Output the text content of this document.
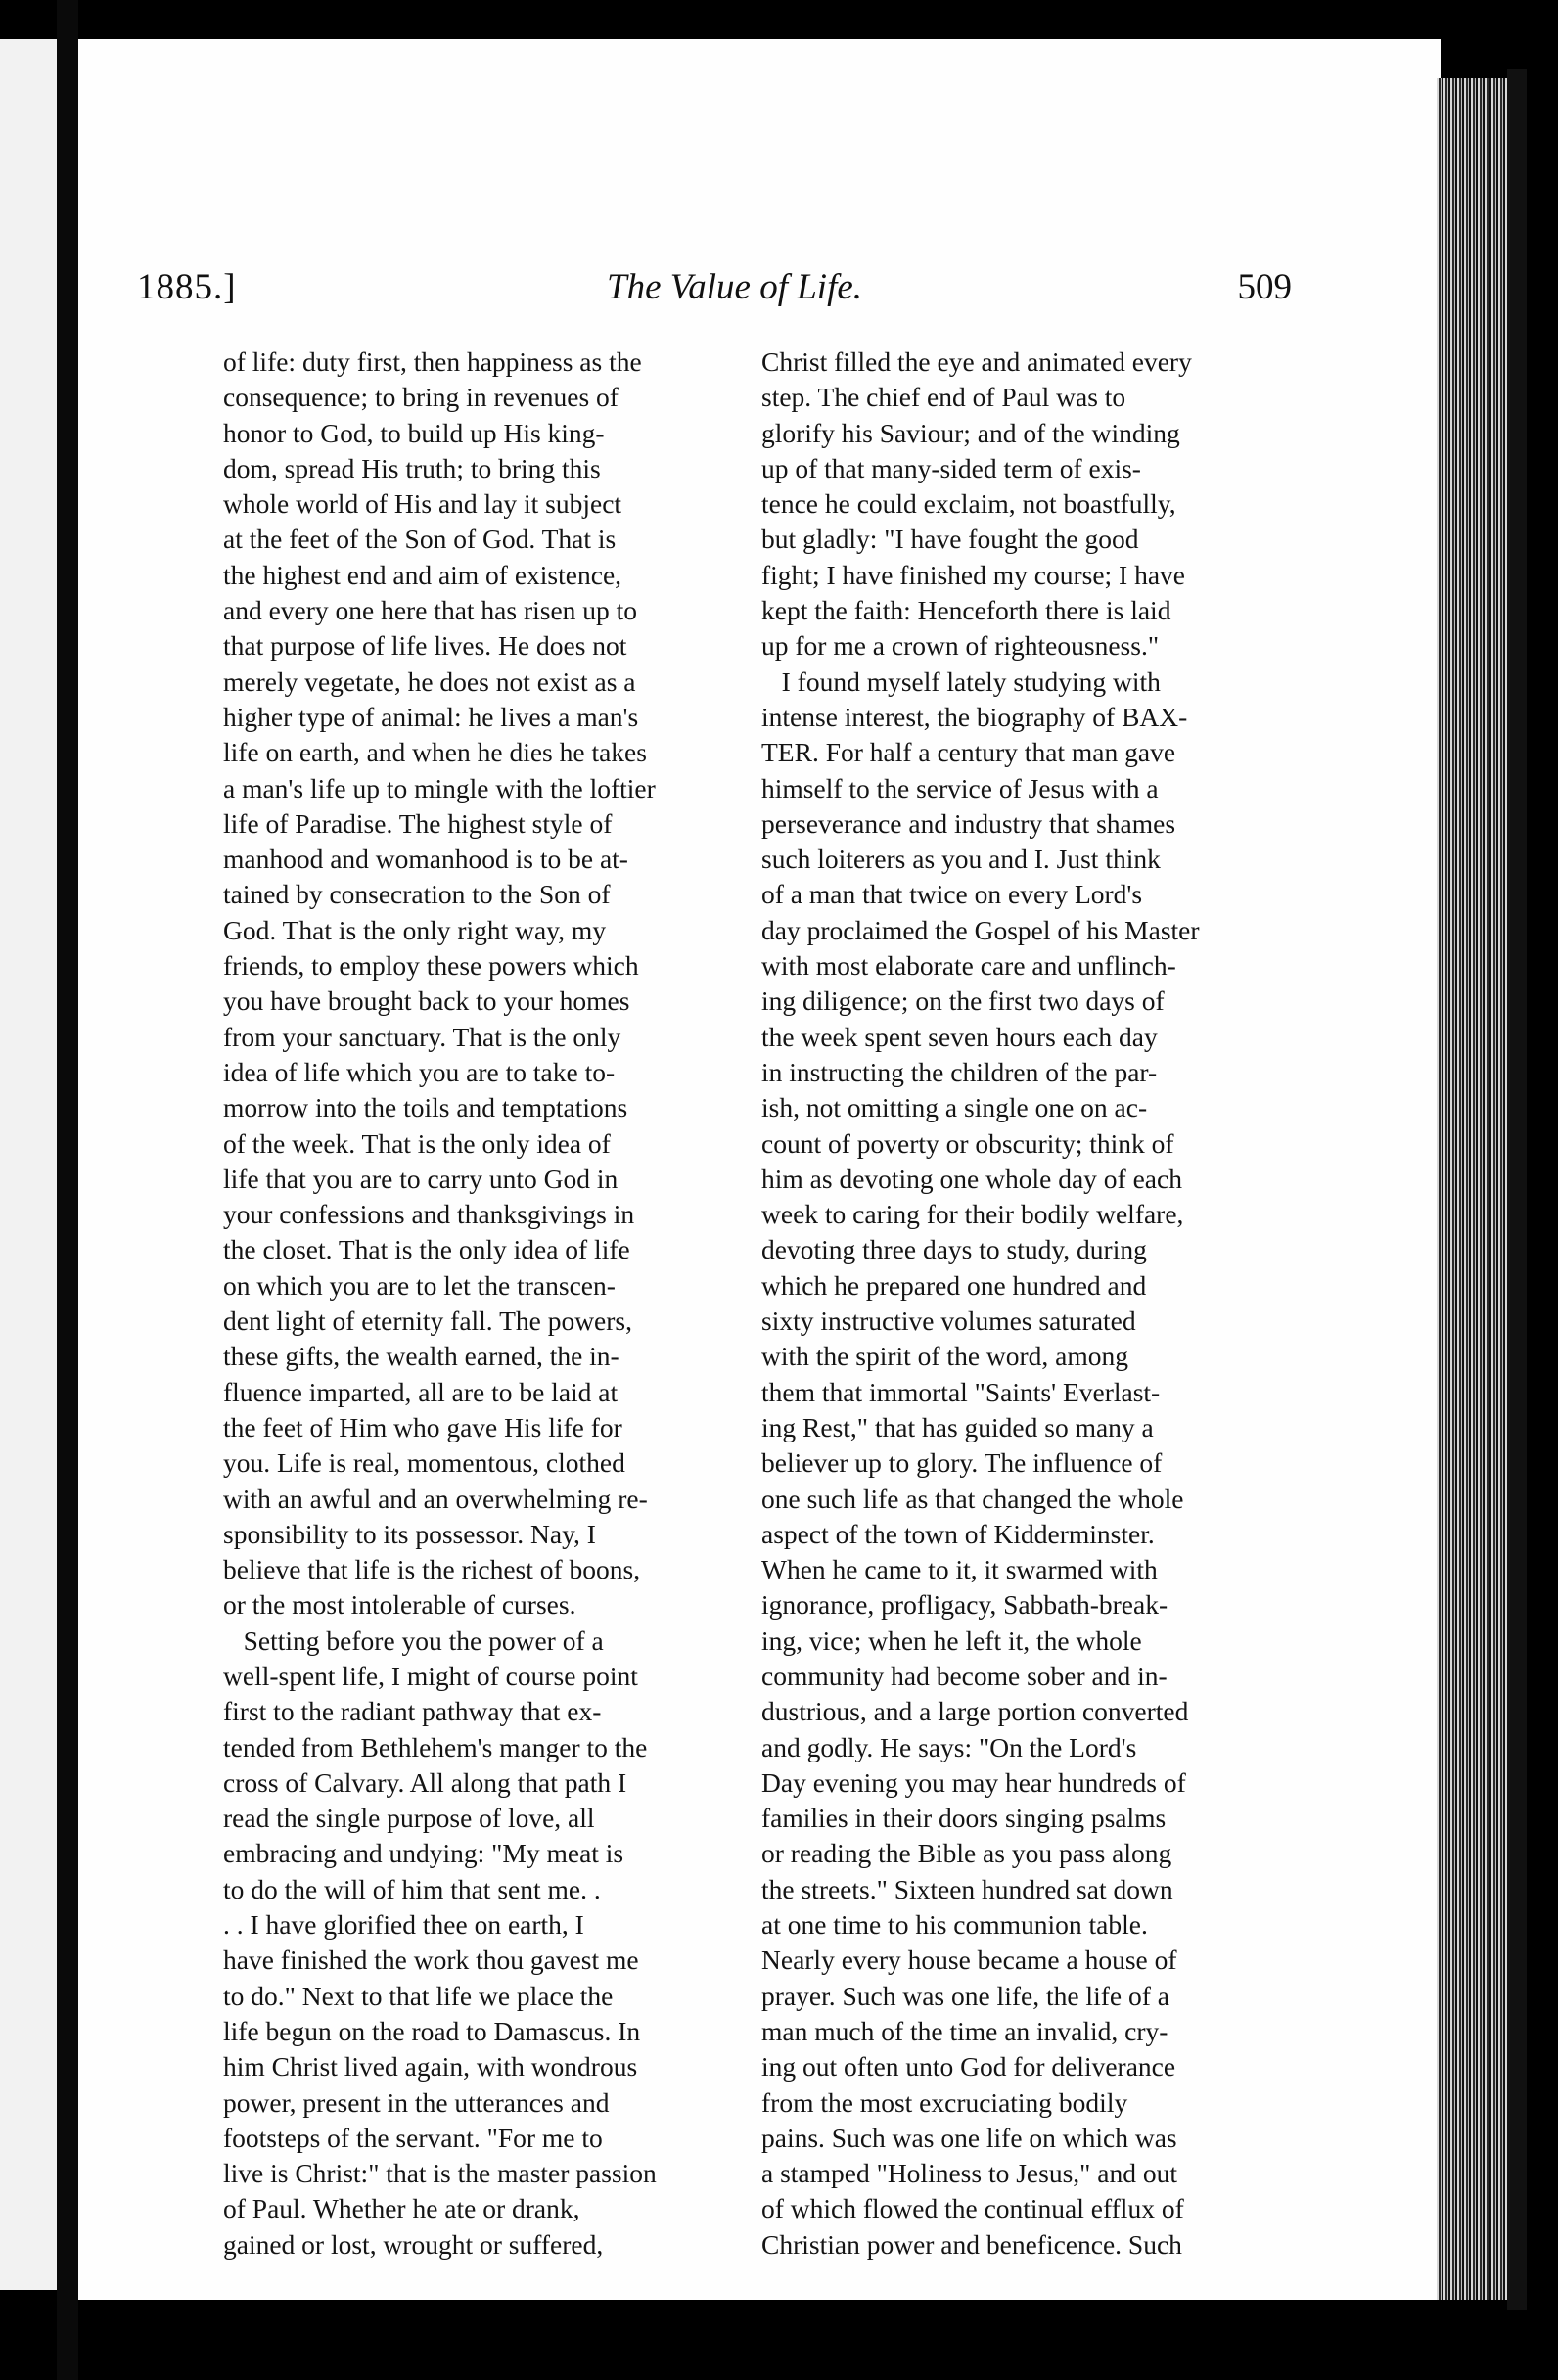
1885.]	The Value of Life.	509
of life: duty first, then happiness as the
consequence; to bring in revenues of
honor to God, to build up His king-
dom, spread His truth; to bring this
whole world of His and lay it subject
at the feet of the Son of God. That is
the highest end and aim of existence,
and every one here that has risen up to
that purpose of life lives. He does not
merely vegetate, he does not exist as a
higher type of animal: he lives a man's
life on earth, and when he dies he takes
a man's life up to mingle with the loftier
life of Paradise. The highest style of
manhood and womanhood is to be at-
tained by consecration to the Son of
God. That is the only right way, my
friends, to employ these powers which
you have brought back to your homes
from your sanctuary. That is the only
idea of life which you are to take to-
morrow into the toils and temptations
of the week. That is the only idea of
life that you are to carry unto God in
your confessions and thanksgivings in
the closet. That is the only idea of life
on which you are to let the transcen-
dent light of eternity fall. The powers,
these gifts, the wealth earned, the in-
fluence imparted, all are to be laid at
the feet of Him who gave His life for
you. Life is real, momentous, clothed
with an awful and an overwhelming re-
sponsibility to its possessor. Nay, I
believe that life is the richest of boons,
or the most intolerable of curses.
Setting before you the power of a
well-spent life, I might of course point
first to the radiant pathway that ex-
tended from Bethlehem's manger to the
cross of Calvary. All along that path I
read the single purpose of love, all
embracing and undying: "My meat is
to do the will of him that sent me. .
. . I have glorified thee on earth, I
have finished the work thou gavest me
to do." Next to that life we place the
life begun on the road to Damascus. In
him Christ lived again, with wondrous
power, present in the utterances and
footsteps of the servant. "For me to
live is Christ:" that is the master passion
of Paul. Whether he ate or drank,
gained or lost, wrought or suffered,
Christ filled the eye and animated every
step. The chief end of Paul was to
glorify his Saviour; and of the winding
up of that many-sided term of exis-
tence he could exclaim, not boastfully,
but gladly: "I have fought the good
fight; I have finished my course; I have
kept the faith: Henceforth there is laid
up for me a crown of righteousness."
I found myself lately studying with
intense interest, the biography of BAX-
TER. For half a century that man gave
himself to the service of Jesus with a
perseverance and industry that shames
such loiterers as you and I. Just think
of a man that twice on every Lord's
day proclaimed the Gospel of his Master
with most elaborate care and unflinch-
ing diligence; on the first two days of
the week spent seven hours each day
in instructing the children of the par-
ish, not omitting a single one on ac-
count of poverty or obscurity; think of
him as devoting one whole day of each
week to caring for their bodily welfare,
devoting three days to study, during
which he prepared one hundred and
sixty instructive volumes saturated
with the spirit of the word, among
them that immortal "Saints' Everlast-
ing Rest," that has guided so many a
believer up to glory. The influence of
one such life as that changed the whole
aspect of the town of Kidderminster.
When he came to it, it swarmed with
ignorance, profligacy, Sabbath-break-
ing, vice; when he left it, the whole
community had become sober and in-
dustrious, and a large portion converted
and godly. He says: "On the Lord's
Day evening you may hear hundreds of
families in their doors singing psalms
or reading the Bible as you pass along
the streets." Sixteen hundred sat down
at one time to his communion table.
Nearly every house became a house of
prayer. Such was one life, the life of a
man much of the time an invalid, cry-
ing out often unto God for deliverance
from the most excruciating bodily
pains. Such was one life on which was
a stamped "Holiness to Jesus," and out
of which flowed the continual efflux of
Christian power and beneficence. Such
